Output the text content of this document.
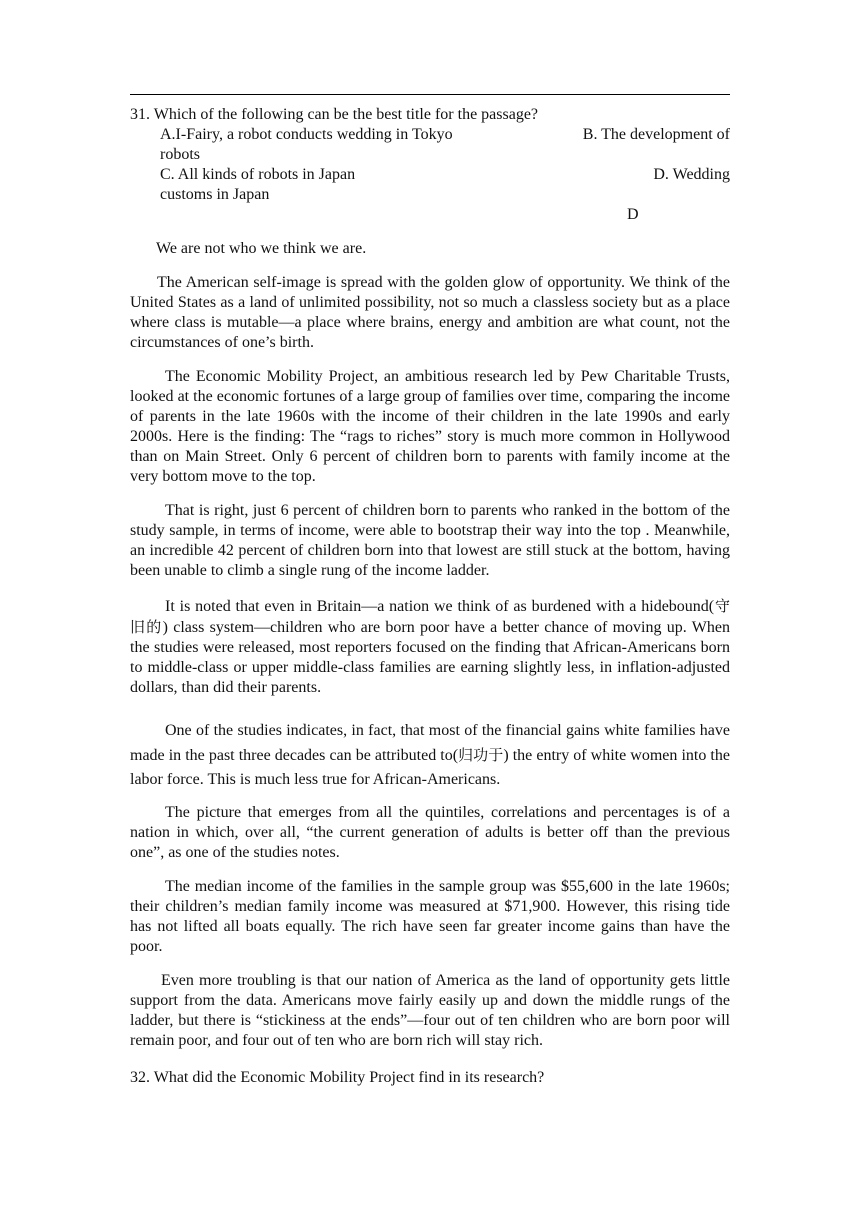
31. Which of the following can be the best title for the passage?
A.I-Fairy, a robot conducts wedding in Tokyo	B. The development of
robots
C. All kinds of robots in Japan	D. Wedding
customs in Japan
D
We are not who we think we are.

The American self-image is spread with the golden glow of opportunity. We think of the United States as a land of unlimited possibility, not so much a classless society but as a place where class is mutable—a place where brains, energy and ambition are what count, not the circumstances of one’s birth.

The Economic Mobility Project, an ambitious research led by Pew Charitable Trusts, looked at the economic fortunes of a large group of families over time, comparing the income of parents in the late 1960s with the income of their children in the late 1990s and early 2000s. Here is the finding: The “rags to riches” story is much more common in Hollywood than on Main Street. Only 6 percent of children born to parents with family income at the very bottom move to the top.

That is right, just 6 percent of children born to parents who ranked in the bottom of the study sample, in terms of income, were able to bootstrap their way into the top . Meanwhile, an incredible 42 percent of children born into that lowest are still stuck at the bottom, having been unable to climb a single rung of the income ladder.

It is noted that even in Britain—a nation we think of as burdened with a hidebound(守旧的) class system—children who are born poor have a better chance of moving up. When the studies were released, most reporters focused on the finding that African-Americans born to middle-class or upper middle-class families are earning slightly less, in inflation-adjusted dollars, than did their parents.

One of the studies indicates, in fact, that most of the financial gains white families have made in the past three decades can be attributed to(归功于) the entry of white women into the labor force. This is much less true for African-Americans.

The picture that emerges from all the quintiles, correlations and percentages is of a nation in which, over all, “the current generation of adults is better off than the previous one”, as one of the studies notes.

The median income of the families in the sample group was $55,600 in the late 1960s; their children’s median family income was measured at $71,900. However, this rising tide has not lifted all boats equally. The rich have seen far greater income gains than have the poor.

Even more troubling is that our nation of America as the land of opportunity gets little support from the data. Americans move fairly easily up and down the middle rungs of the ladder, but there is “stickiness at the ends”—four out of ten children who are born poor will remain poor, and four out of ten who are born rich will stay rich.

32. What did the Economic Mobility Project find in its research?
